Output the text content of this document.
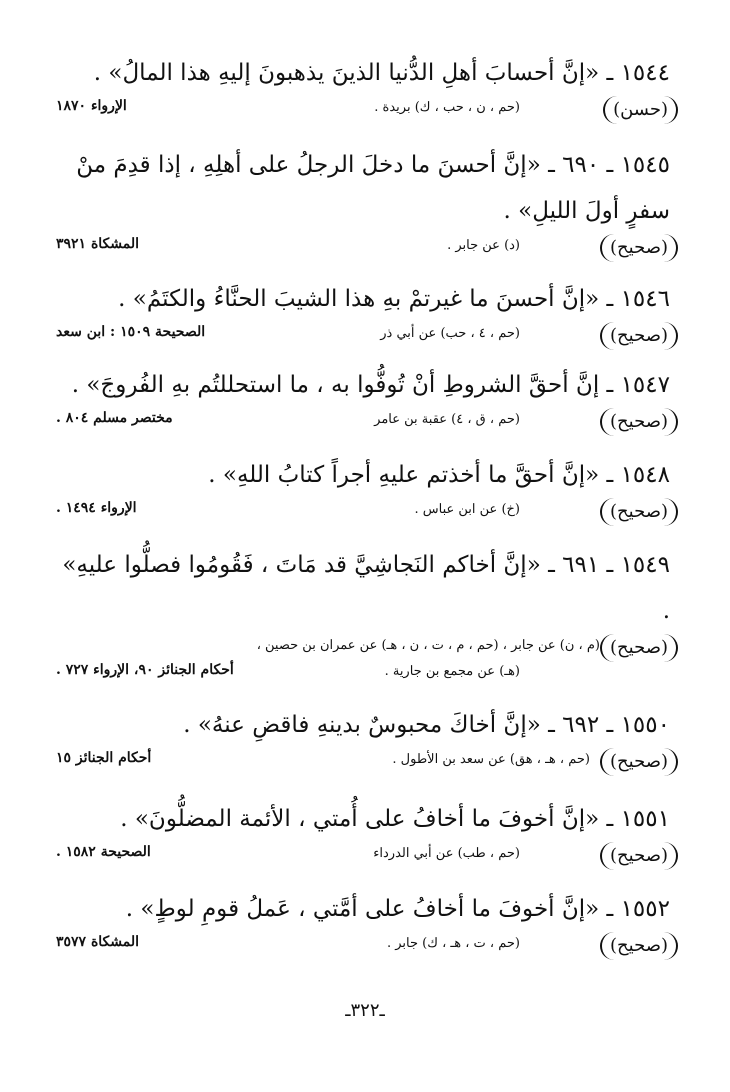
١٥٤٤ ـ «إنَّ أحسابَ أهلِ الدُّنيا الذينَ يذهبونَ إليهِ هذا المالُ» .
(حسن)
(حم ، ن ، حب ، ك) بريدة .
الإرواء ١٨٧٠
١٥٤٥ ـ ٦٩٠ ـ «إنَّ أحسنَ ما دخلَ الرجلُ على أهلِهِ ، إذا قدِمَ منْ سفرٍ أولَ الليلِ» .
(صحيح)
(د) عن جابر .
المشكاة ٣٩٢١
١٥٤٦ ـ «إنَّ أحسنَ ما غيرتمْ بهِ هذا الشيبَ الحنَّاءُ والكتَمُ» .
(صحيح)
(حم ، ٤ ، حب) عن أبي ذر
الصحيحة ١٥٠٩ : ابن سعد
١٥٤٧ ـ إنَّ أحقَّ الشروطِ أنْ تُوفُّوا به ، ما استحللتُم بهِ الفُروجَ» .
(صحيح)
(حم ، ق ، ٤) عقبة بن عامر
مختصر مسلم ٨٠٤ .
١٥٤٨ ـ «إنَّ أحقَّ ما أخذتم عليهِ أجراً كتابُ اللهِ» .
(صحيح)
(خ) عن ابن عباس .
الإرواء ١٤٩٤ .
١٥٤٩ ـ ٦٩١ ـ «إنَّ أخاكم النَجاشِيَّ قد مَاتَ ، فَقُومُوا فصلُّوا عليهِ» .
(صحيح)
(م ، ن) عن جابر ، (حم ، م ، ت ، ن ، هـ) عن عمران بن حصين ،
(هـ) عن مجمع بن جارية .
أحكام الجنائز ٩٠، الإرواء ٧٢٧ .
١٥٥٠ ـ ٦٩٢ ـ «إنَّ أخاكَ محبوسٌ بدينهِ فاقضِ عنهُ» .
(صحيح)
(حم ، هـ ، هق) عن سعد بن الأطول .
أحكام الجنائز ١٥
١٥٥١ ـ «إنَّ أخوفَ ما أخافُ على أُمتي ، الأئمة المضلُّونَ» .
(صحيح)
(حم ، طب) عن أبي الدرداء
الصحيحة ١٥٨٢ .
١٥٥٢ ـ «إنَّ أخوفَ ما أخافُ على أمَّتي ، عَملُ قومِ لوطٍ» .
(صحيح)
(حم ، ت ، هـ ، ك) جابر .
المشكاة ٣٥٧٧
ـ٣٢٢ـ
